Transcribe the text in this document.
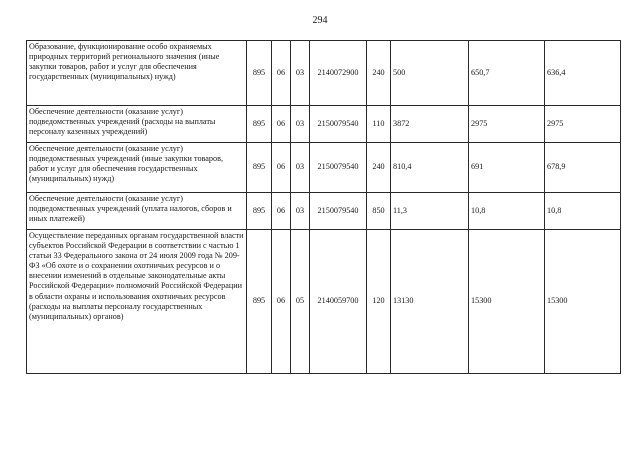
294
Образование, функционирование особо охраняемых природных территорий регионального значения (иные закупки товаров, работ и услуг для обеспечения государственных (муниципальных) нужд)	895	06	03	2140072900	240	500	650,7	636,4
Обеспечение деятельности (оказание услуг) подведомственных учреждений (расходы на выплаты персоналу казенных учреждений)	895	06	03	2150079540	110	3872	2975	2975
Обеспечение деятельности (оказание услуг) подведомственных учреждений (иные закупки товаров, работ и услуг для обеспечения государственных (муниципальных) нужд)	895	06	03	2150079540	240	810,4	691	678,9
Обеспечение деятельности (оказание услуг) подведомственных учреждений (уплата налогов, сборов и иных платежей)	895	06	03	2150079540	850	11,3	10,8	10,8
Осуществление переданных органам государственной власти субъектов Российской Федерации в соответствии с частью 1 статьи 33 Федерального закона от 24 июля 2009 года № 209-ФЗ «Об охоте и о сохранении охотничьих ресурсов и о внесении изменений в отдельные законодательные акты Российской Федерации» полномочий Российской Федерации в области охраны и использования охотничьих ресурсов (расходы на выплаты персоналу государственных (муниципальных) органов)	895	06	05	2140059700	120	13130	15300	15300
